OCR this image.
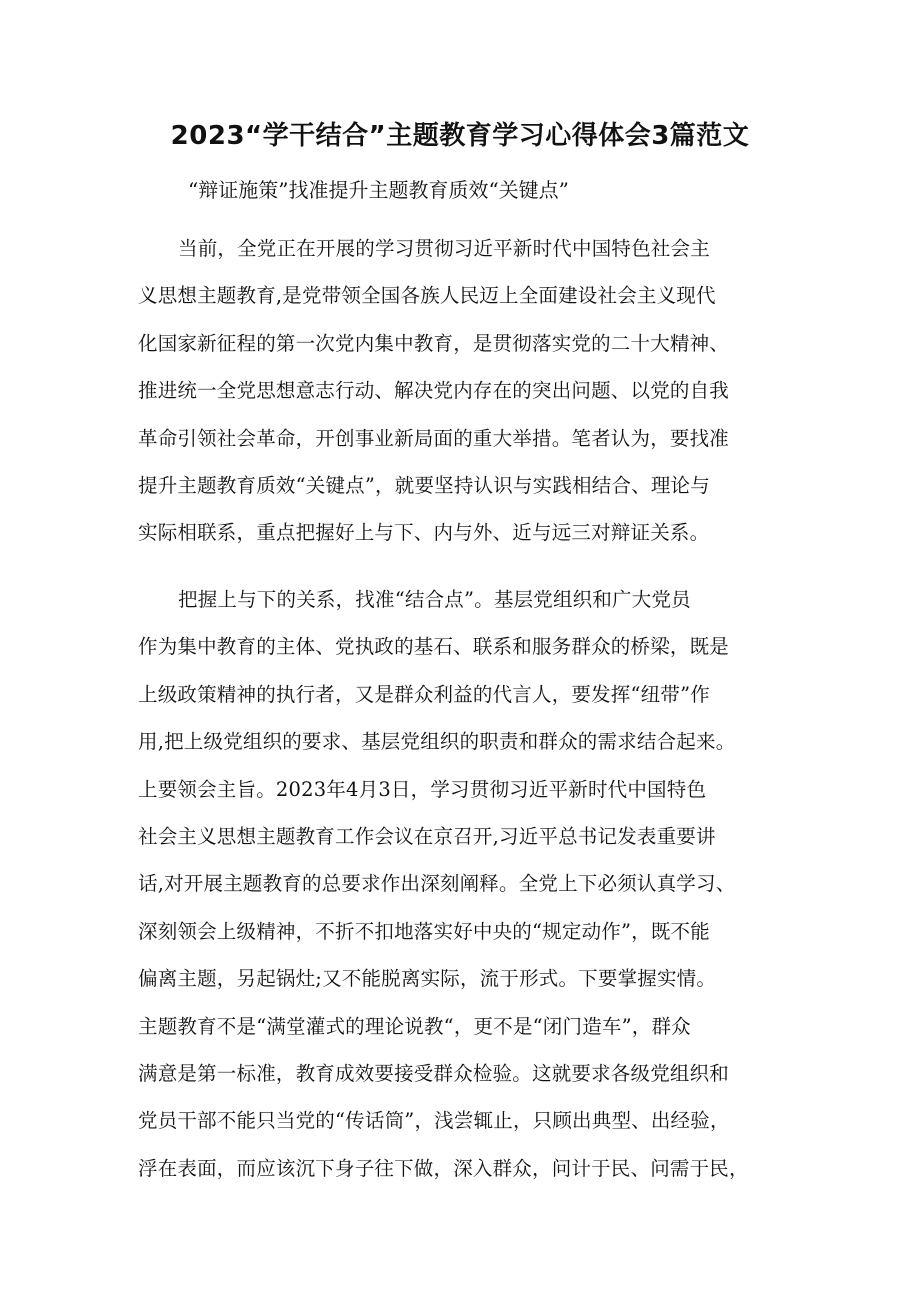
2023“学干结合”主题教育学习心得体会3篇范文

“辩证施策”找准提升主题教育质效“关键点”

当前，全党正在开展的学习贯彻习近平新时代中国特色社会主
义思想主题教育,是党带领全国各族人民迈上全面建设社会主义现代
化国家新征程的第一次党内集中教育，是贯彻落实党的二十大精神、
推进统一全党思想意志行动、解决党内存在的突出问题、以党的自我
革命引领社会革命，开创事业新局面的重大举措。笔者认为，要找准
提升主题教育质效“关键点”，就要坚持认识与实践相结合、理论与
实际相联系，重点把握好上与下、内与外、近与远三对辩证关系。
把握上与下的关系，找准“结合点”。基层党组织和广大党员
作为集中教育的主体、党执政的基石、联系和服务群众的桥梁，既是
上级政策精神的执行者，又是群众利益的代言人，要发挥“纽带”作
用,把上级党组织的要求、基层党组织的职责和群众的需求结合起来。
上要领会主旨。2023年4月3日，学习贯彻习近平新时代中国特色
社会主义思想主题教育工作会议在京召开,习近平总书记发表重要讲
话,对开展主题教育的总要求作出深刻阐释。全党上下必须认真学习、
深刻领会上级精神，不折不扣地落实好中央的“规定动作”，既不能
偏离主题，另起锅灶;又不能脱离实际，流于形式。下要掌握实情。
主题教育不是“满堂灌式的理论说教“，更不是“闭门造车”，群众
满意是第一标准，教育成效要接受群众检验。这就要求各级党组织和
党员干部不能只当党的“传话筒”，浅尝辄止，只顾出典型、出经验，
浮在表面，而应该沉下身子往下做，深入群众，问计于民、问需于民，
